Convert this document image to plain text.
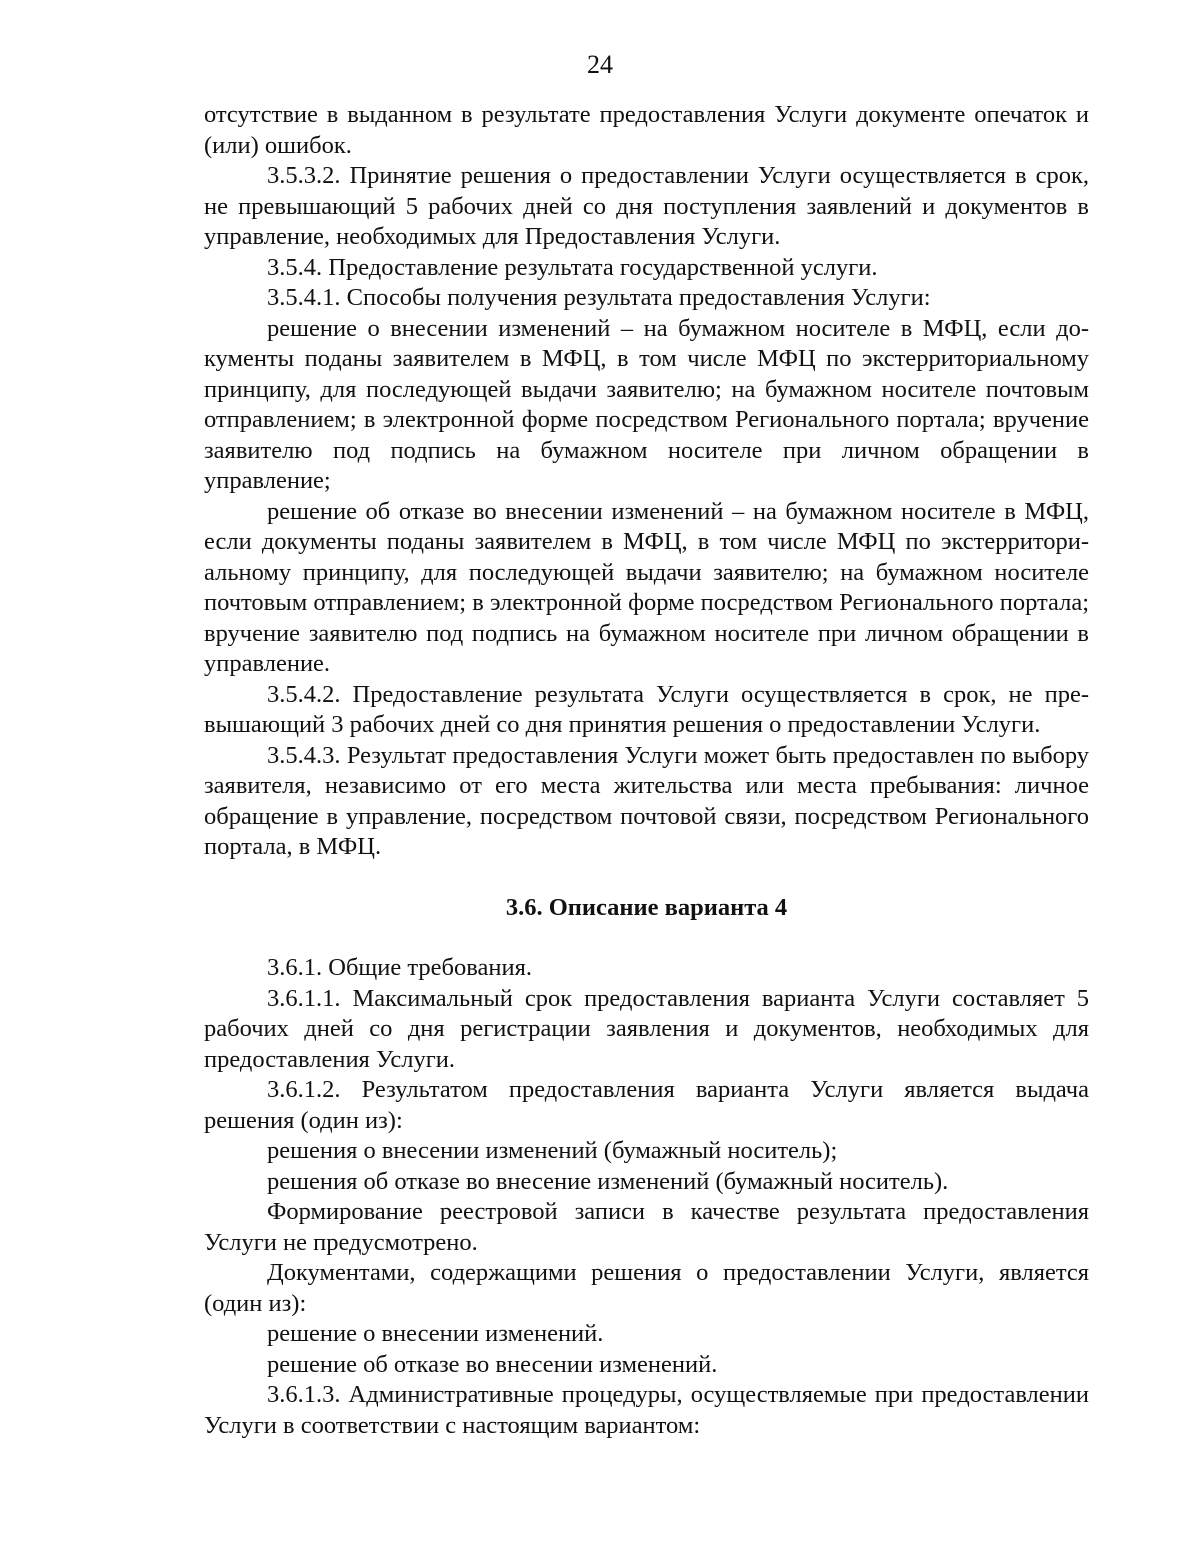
24

отсутствие в выданном в результате предоставления Услуги документе опечаток и (или) ошибок.

3.5.3.2. Принятие решения о предоставлении Услуги осуществляется в срок, не превышающий 5 рабочих дней со дня поступления заявлений и документов в управление, необходимых для Предоставления Услуги.

3.5.4. Предоставление результата государственной услуги.

3.5.4.1. Способы получения результата предоставления Услуги:

решение о внесении изменений – на бумажном носителе в МФЦ, если документы поданы заявителем в МФЦ, в том числе МФЦ по экстерриториальному принципу, для последующей выдачи заявителю; на бумажном носителе почтовым отправлением; в электронной форме посредством Регионального портала; вручение заявителю под подпись на бумажном носителе при личном обращении в управление;

решение об отказе во внесении изменений – на бумажном носителе в МФЦ, если документы поданы заявителем в МФЦ, в том числе МФЦ по экстерриториальному принципу, для последующей выдачи заявителю; на бумажном носителе почтовым отправлением; в электронной форме посредством Регионального портала; вручение заявителю под подпись на бумажном носителе при личном обращении в управление.

3.5.4.2. Предоставление результата Услуги осуществляется в срок, не превышающий 3 рабочих дней со дня принятия решения о предоставлении Услуги.

3.5.4.3. Результат предоставления Услуги может быть предоставлен по выбору заявителя, независимо от его места жительства или места пребывания: личное обращение в управление, посредством почтовой связи, посредством Регионального портала, в МФЦ.

3.6. Описание варианта 4

3.6.1. Общие требования.

3.6.1.1. Максимальный срок предоставления варианта Услуги составляет 5 рабочих дней со дня регистрации заявления и документов, необходимых для предоставления Услуги.

3.6.1.2. Результатом предоставления варианта Услуги является выдача решения (один из):

решения о внесении изменений (бумажный носитель);

решения об отказе во внесение изменений (бумажный носитель).

Формирование реестровой записи в качестве результата предоставления Услуги не предусмотрено.

Документами, содержащими решения о предоставлении Услуги, является (один из):

решение о внесении изменений.

решение об отказе во внесении изменений.

3.6.1.3. Административные процедуры, осуществляемые при предоставлении Услуги в соответствии с настоящим вариантом:
